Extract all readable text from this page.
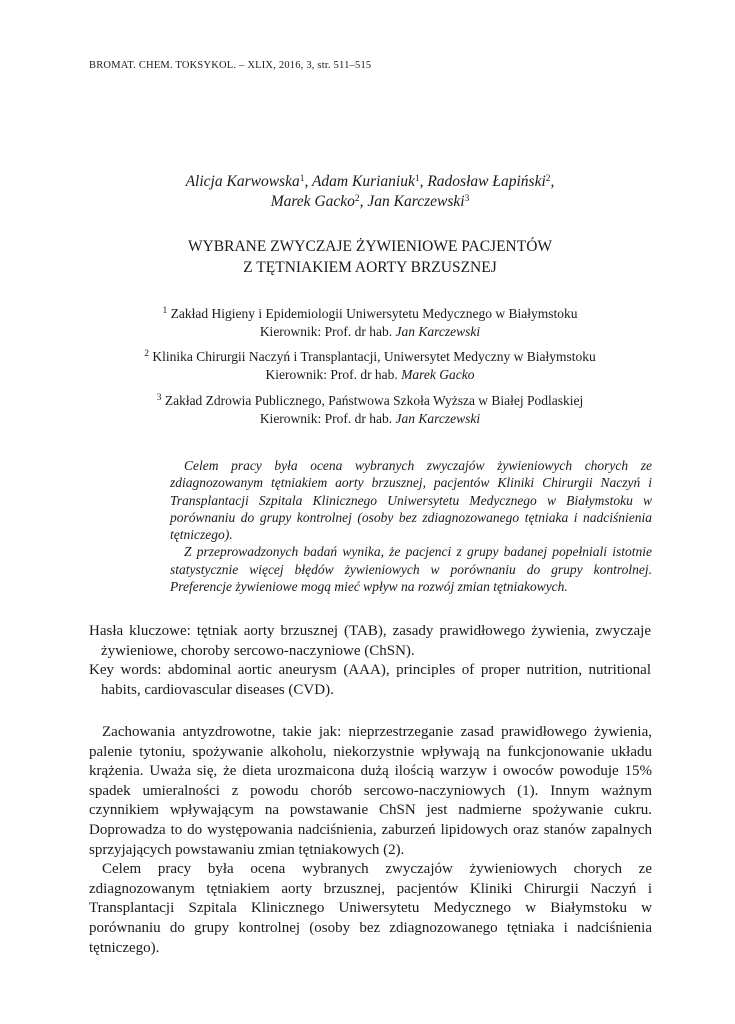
BROMAT. CHEM. TOKSYKOL. – XLIX, 2016, 3, str. 511–515
Alicja Karwowska$^1$, Adam Kurianiuk$^1$, Radosław Łapiński$^2$,
Marek Gacko$^2$, Jan Karczewski$^3$
WYBRANE ZWYCZAJE ŻYWIENIOWE PACJENTÓW
Z TĘTNIAKIEM AORTY BRZUSZNEJ
$^1$ Zakład Higieny i Epidemiologii Uniwersytetu Medycznego w Białymstoku
Kierownik: Prof. dr hab. Jan Karczewski
$^2$ Klinika Chirurgii Naczyń i Transplantacji, Uniwersytet Medyczny w Białymstoku
Kierownik: Prof. dr hab. Marek Gacko
$^3$ Zakład Zdrowia Publicznego, Państwowa Szkoła Wyższa w Białej Podlaskiej
Kierownik: Prof. dr hab. Jan Karczewski

Celem pracy była ocena wybranych zwyczajów żywieniowych chorych ze zdiagnozowanym tętniakiem aorty brzusznej, pacjentów Kliniki Chirurgii Naczyń i Transplantacji Szpitala Klinicznego Uniwersytetu Medycznego w Białymstoku w porównaniu do grupy kontrolnej (osoby bez zdiagnozowanego tętniaka i nadciśnienia tętniczego).

Z przeprowadzonych badań wynika, że pacjenci z grupy badanej popełniali istotnie statystycznie więcej błędów żywieniowych w porównaniu do grupy kontrolnej. Preferencje żywieniowe mogą mieć wpływ na rozwój zmian tętniakowych.

Hasła kluczowe: tętniak aorty brzusznej (TAB), zasady prawidłowego żywienia, zwyczaje żywieniowe, choroby sercowo-naczyniowe (ChSN).

Key words: abdominal aortic aneurysm (AAA), principles of proper nutrition, nutritional habits, cardiovascular diseases (CVD).

Zachowania antyzdrowotne, takie jak: nieprzestrzeganie zasad prawidłowego żywienia, palenie tytoniu, spożywanie alkoholu, niekorzystnie wpływają na funkcjonowanie układu krążenia. Uważa się, że dieta urozmaicona dużą ilością warzyw i owoców powoduje 15% spadek umieralności z powodu chorób sercowo-naczyniowych (1). Innym ważnym czynnikiem wpływającym na powstawanie ChSN jest nadmierne spożywanie cukru. Doprowadza to do występowania nadciśnienia, zaburzeń lipidowych oraz stanów zapalnych sprzyjających powstawaniu zmian tętniakowych (2).

Celem pracy była ocena wybranych zwyczajów żywieniowych chorych ze zdiagnozowanym tętniakiem aorty brzusznej, pacjentów Kliniki Chirurgii Naczyń i Transplantacji Szpitala Klinicznego Uniwersytetu Medycznego w Białymstoku w porównaniu do grupy kontrolnej (osoby bez zdiagnozowanego tętniaka i nadciśnienia tętniczego).
